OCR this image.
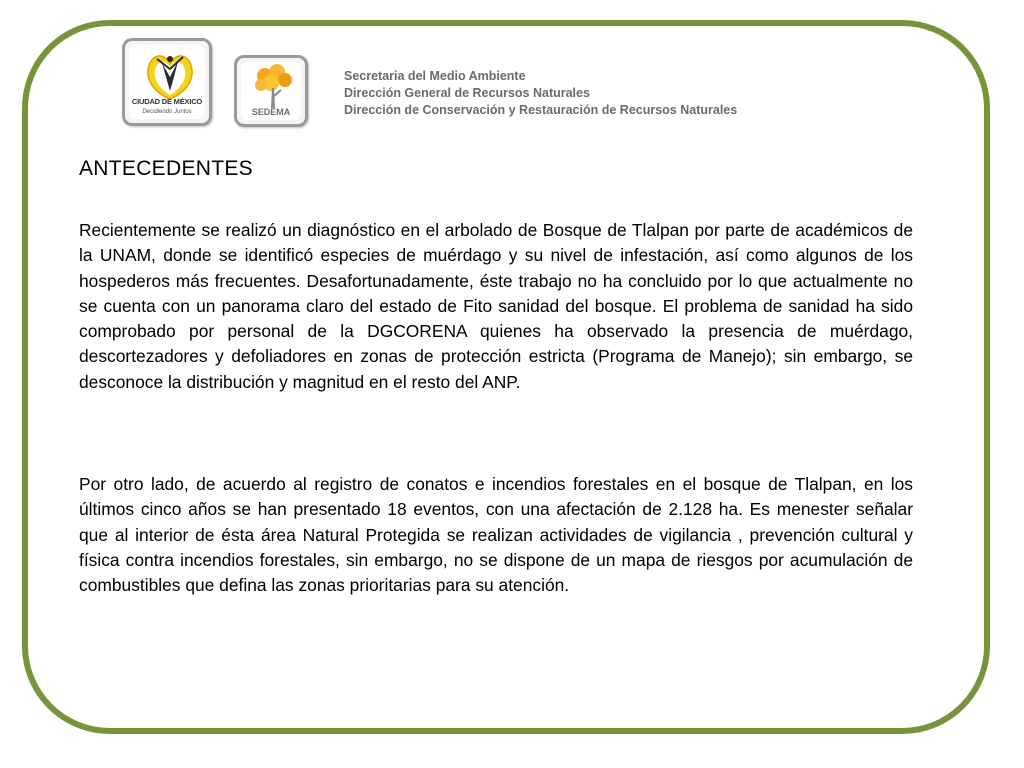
CIUDAD DE MÉXICO
Decidiendo Juntos	SEDEMA
Secretaria del Medio Ambiente
Dirección General de Recursos Naturales
Dirección de Conservación y Restauración de Recursos Naturales
ANTECEDENTES
Recientemente se realizó un diagnóstico en el arbolado de Bosque de Tlalpan por parte de académicos de la UNAM, donde se identificó especies de muérdago y su nivel de infestación, así como algunos de los hospederos más frecuentes. Desafortunadamente, éste trabajo no ha concluido por lo que actualmente no se cuenta con un panorama claro del estado de Fito sanidad del bosque. El problema de sanidad ha sido comprobado por personal de la DGCORENA quienes ha observado la presencia de muérdago, descortezadores y defoliadores en zonas de protección estricta (Programa de Manejo); sin embargo, se desconoce la distribución y magnitud en el resto del ANP.
Por otro lado, de acuerdo al registro de conatos e incendios forestales en el bosque de Tlalpan, en los últimos cinco años se han presentado 18 eventos, con una afectación de 2.128 ha. Es menester señalar que al interior de ésta área Natural Protegida se realizan actividades de vigilancia , prevención cultural y física contra incendios forestales, sin embargo, no se dispone de un mapa de riesgos por acumulación de combustibles que defina las zonas prioritarias para su atención.
